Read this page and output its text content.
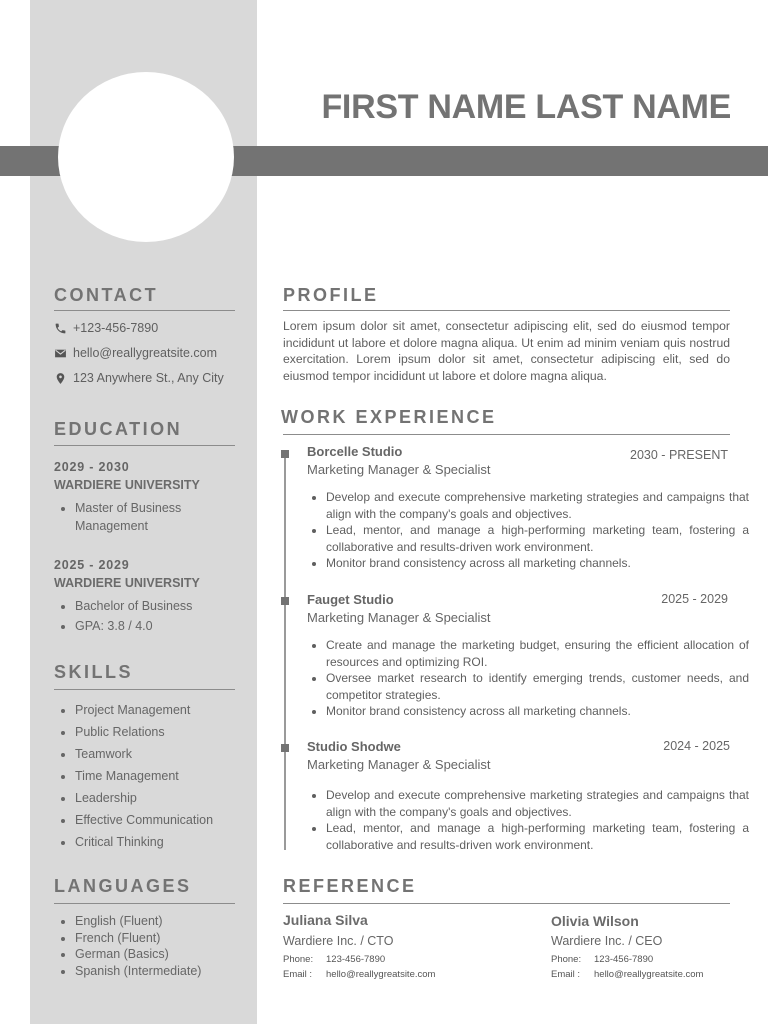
FIRST NAME LAST NAME
CONTACT
+123-456-7890
hello@reallygreatsite.com
123 Anywhere St., Any City
EDUCATION
2029 - 2030
WARDIERE UNIVERSITY
• Master of Business Management
2025 - 2029
WARDIERE UNIVERSITY
• Bachelor of Business
• GPA: 3.8 / 4.0
SKILLS
• Project Management
• Public Relations
• Teamwork
• Time Management
• Leadership
• Effective Communication
• Critical Thinking
LANGUAGES
• English (Fluent)
• French (Fluent)
• German (Basics)
• Spanish (Intermediate)
PROFILE
Lorem ipsum dolor sit amet, consectetur adipiscing elit, sed do eiusmod tempor incididunt ut labore et dolore magna aliqua. Ut enim ad minim veniam quis nostrud exercitation. Lorem ipsum dolor sit amet, consectetur adipiscing elit, sed do eiusmod tempor incididunt ut labore et dolore magna aliqua.
WORK EXPERIENCE
Borcelle Studio	2030 - PRESENT
Marketing Manager & Specialist
• Develop and execute comprehensive marketing strategies and campaigns that align with the company's goals and objectives.
• Lead, mentor, and manage a high-performing marketing team, fostering a collaborative and results-driven work environment.
• Monitor brand consistency across all marketing channels.
Fauget Studio	2025 - 2029
Marketing Manager & Specialist
• Create and manage the marketing budget, ensuring the efficient allocation of resources and optimizing ROI.
• Oversee market research to identify emerging trends, customer needs, and competitor strategies.
• Monitor brand consistency across all marketing channels.
Studio Shodwe	2024 - 2025
Marketing Manager & Specialist
• Develop and execute comprehensive marketing strategies and campaigns that align with the company's goals and objectives.
• Lead, mentor, and manage a high-performing marketing team, fostering a collaborative and results-driven work environment.
REFERENCE
Juliana Silva
Wardiere Inc. / CTO
Phone: 123-456-7890
Email : hello@reallygreatsite.com
Olivia Wilson
Wardiere Inc. / CEO
Phone: 123-456-7890
Email : hello@reallygreatsite.com
